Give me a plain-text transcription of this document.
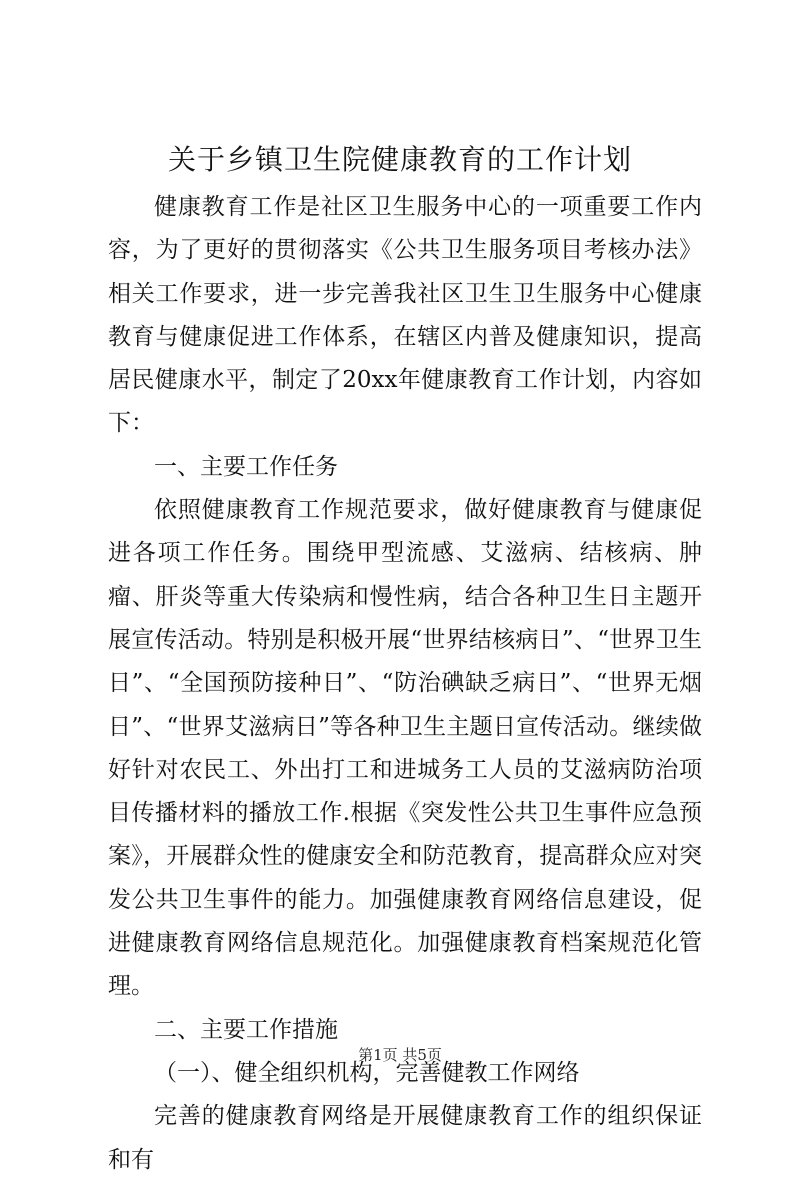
关于乡镇卫生院健康教育的工作计划

健康教育工作是社区卫生服务中心的一项重要工作内容，为了更好的贯彻落实《公共卫生服务项目考核办法》相关工作要求，进一步完善我社区卫生卫生服务中心健康教育与健康促进工作体系，在辖区内普及健康知识，提高居民健康水平，制定了20xx年健康教育工作计划，内容如下：

一、主要工作任务

依照健康教育工作规范要求，做好健康教育与健康促进各项工作任务。围绕甲型流感、艾滋病、结核病、肿瘤、肝炎等重大传染病和慢性病，结合各种卫生日主题开展宣传活动。特别是积极开展“世界结核病日”、“世界卫生日”、“全国预防接种日”、“防治碘缺乏病日”、“世界无烟日”、“世界艾滋病日”等各种卫生主题日宣传活动。继续做好针对农民工、外出打工和进城务工人员的艾滋病防治项目传播材料的播放工作.根据《突发性公共卫生事件应急预案》，开展群众性的健康安全和防范教育，提高群众应对突发公共卫生事件的能力。加强健康教育网络信息建设，促进健康教育网络信息规范化。加强健康教育档案规范化管理。

二、主要工作措施

（一）、健全组织机构，完善健教工作网络

完善的健康教育网络是开展健康教育工作的组织保证和有

第1页 共5页
